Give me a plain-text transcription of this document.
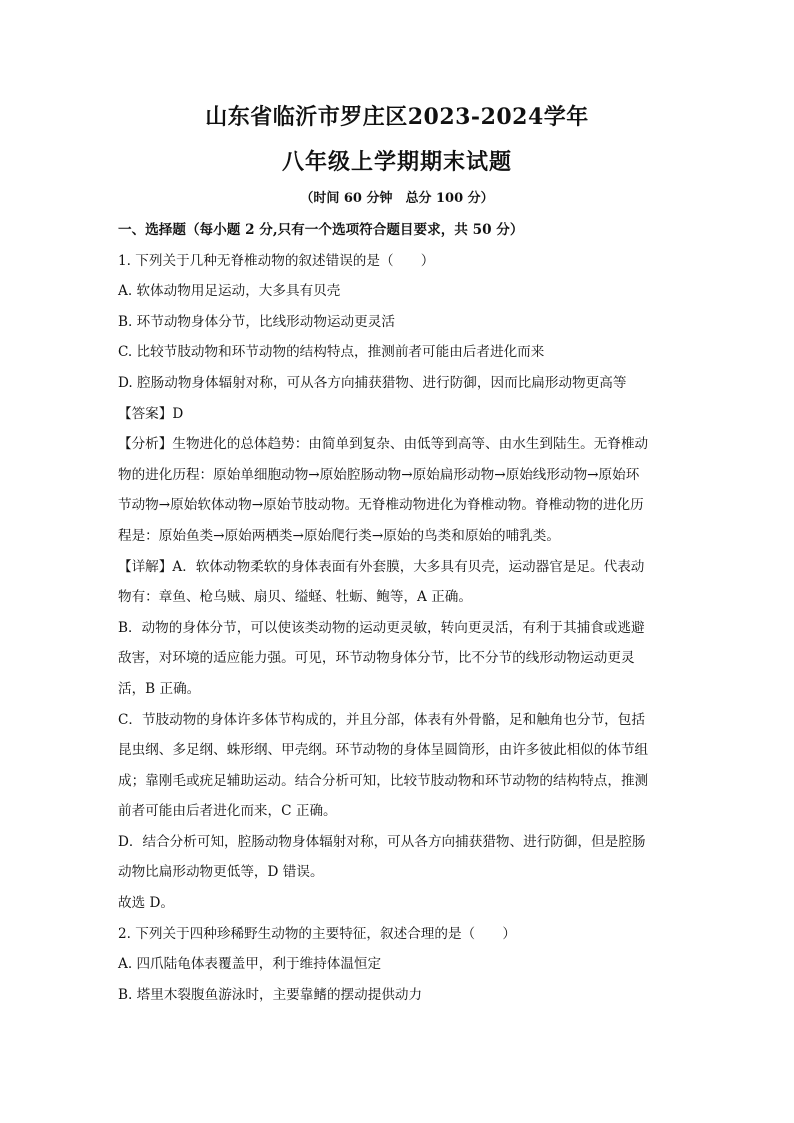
山东省临沂市罗庄区2023-2024学年
八年级上学期期末试题
（时间 60 分钟　总分 100 分）

一、选择题（每小题 2 分,只有一个选项符合题目要求，共 50 分）

1. 下列关于几种无脊椎动物的叙述错误的是（　　）

A. 软体动物用足运动，大多具有贝壳

B. 环节动物身体分节，比线形动物运动更灵活

C. 比较节肢动物和环节动物的结构特点，推测前者可能由后者进化而来

D. 腔肠动物身体辐射对称，可从各方向捕获猎物、进行防御，因而比扁形动物更高等

【答案】D

【分析】生物进化的总体趋势：由简单到复杂、由低等到高等、由水生到陆生。无脊椎动

物的进化历程：原始单细胞动物→原始腔肠动物→原始扁形动物→原始线形动物→原始环

节动物→原始软体动物→原始节肢动物。无脊椎动物进化为脊椎动物。脊椎动物的进化历

程是：原始鱼类→原始两栖类→原始爬行类→原始的鸟类和原始的哺乳类。

【详解】A．软体动物柔软的身体表面有外套膜，大多具有贝壳，运动器官是足。代表动

物有：章鱼、枪乌贼、扇贝、缢蛏、牡蛎、鲍等，A 正确。

B．动物的身体分节，可以使该类动物的运动更灵敏，转向更灵活，有利于其捕食或逃避

敌害，对环境的适应能力强。可见，环节动物身体分节，比不分节的线形动物运动更灵

活，B 正确。

C．节肢动物的身体许多体节构成的，并且分部，体表有外骨骼，足和触角也分节，包括

昆虫纲、多足纲、蛛形纲、甲壳纲。环节动物的身体呈圆筒形，由许多彼此相似的体节组

成；靠刚毛或疣足辅助运动。结合分析可知，比较节肢动物和环节动物的结构特点，推测

前者可能由后者进化而来，C 正确。

D．结合分析可知，腔肠动物身体辐射对称，可从各方向捕获猎物、进行防御，但是腔肠

动物比扁形动物更低等，D 错误。

故选 D。

2. 下列关于四种珍稀野生动物的主要特征，叙述合理的是（　　）

A. 四爪陆龟体表覆盖甲，利于维持体温恒定

B. 塔里木裂腹鱼游泳时，主要靠鳍的摆动提供动力
